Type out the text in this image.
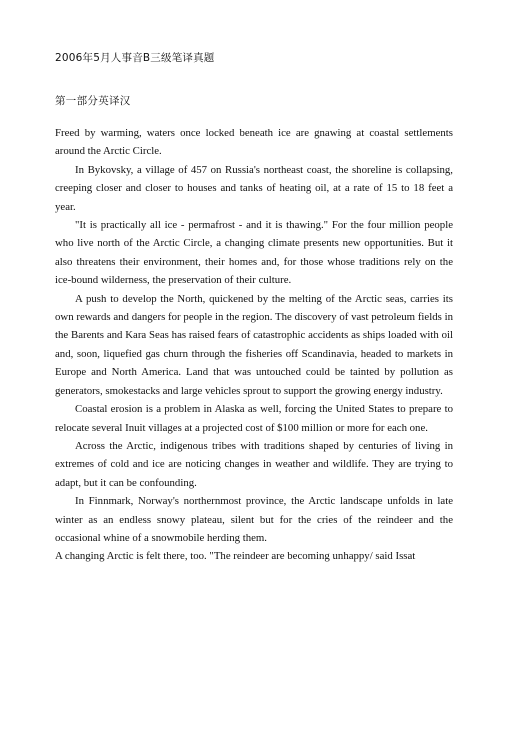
2006年5月人事音B三级笔译真题
第一部分英译汉

Freed by warming, waters once locked beneath ice are gnawing at coastal settlements around the Arctic Circle.

In Bykovsky, a village of 457 on Russia's northeast coast, the shoreline is collapsing, creeping closer and closer to houses and tanks of heating oil, at a rate of 15 to 18 feet a year.

"It is practically all ice - permafrost - and it is thawing." For the four million people who live north of the Arctic Circle, a changing climate presents new opportunities. But it also threatens their environment, their homes and, for those whose traditions rely on the ice-bound wilderness, the preservation of their culture.

A push to develop the North, quickened by the melting of the Arctic seas, carries its own rewards and dangers for people in the region. The discovery of vast petroleum fields in the Barents and Kara Seas has raised fears of catastrophic accidents as ships loaded with oil and, soon, liquefied gas churn through the fisheries off Scandinavia, headed to markets in Europe and North America. Land that was untouched could be tainted by pollution as generators, smokestacks and large vehicles sprout to support the growing energy industry.

Coastal erosion is a problem in Alaska as well, forcing the United States to prepare to relocate several Inuit villages at a projected cost of $100 million or more for each one.

Across the Arctic, indigenous tribes with traditions shaped by centuries of living in extremes of cold and ice are noticing changes in weather and wildlife. They are trying to adapt, but it can be confounding.

In Finnmark, Norway's northernmost province, the Arctic landscape unfolds in late winter as an endless snowy plateau, silent but for the cries of the reindeer and the occasional whine of a snowmobile herding them.

A changing Arctic is felt there, too. "The reindeer are becoming unhappy/ said Issat
